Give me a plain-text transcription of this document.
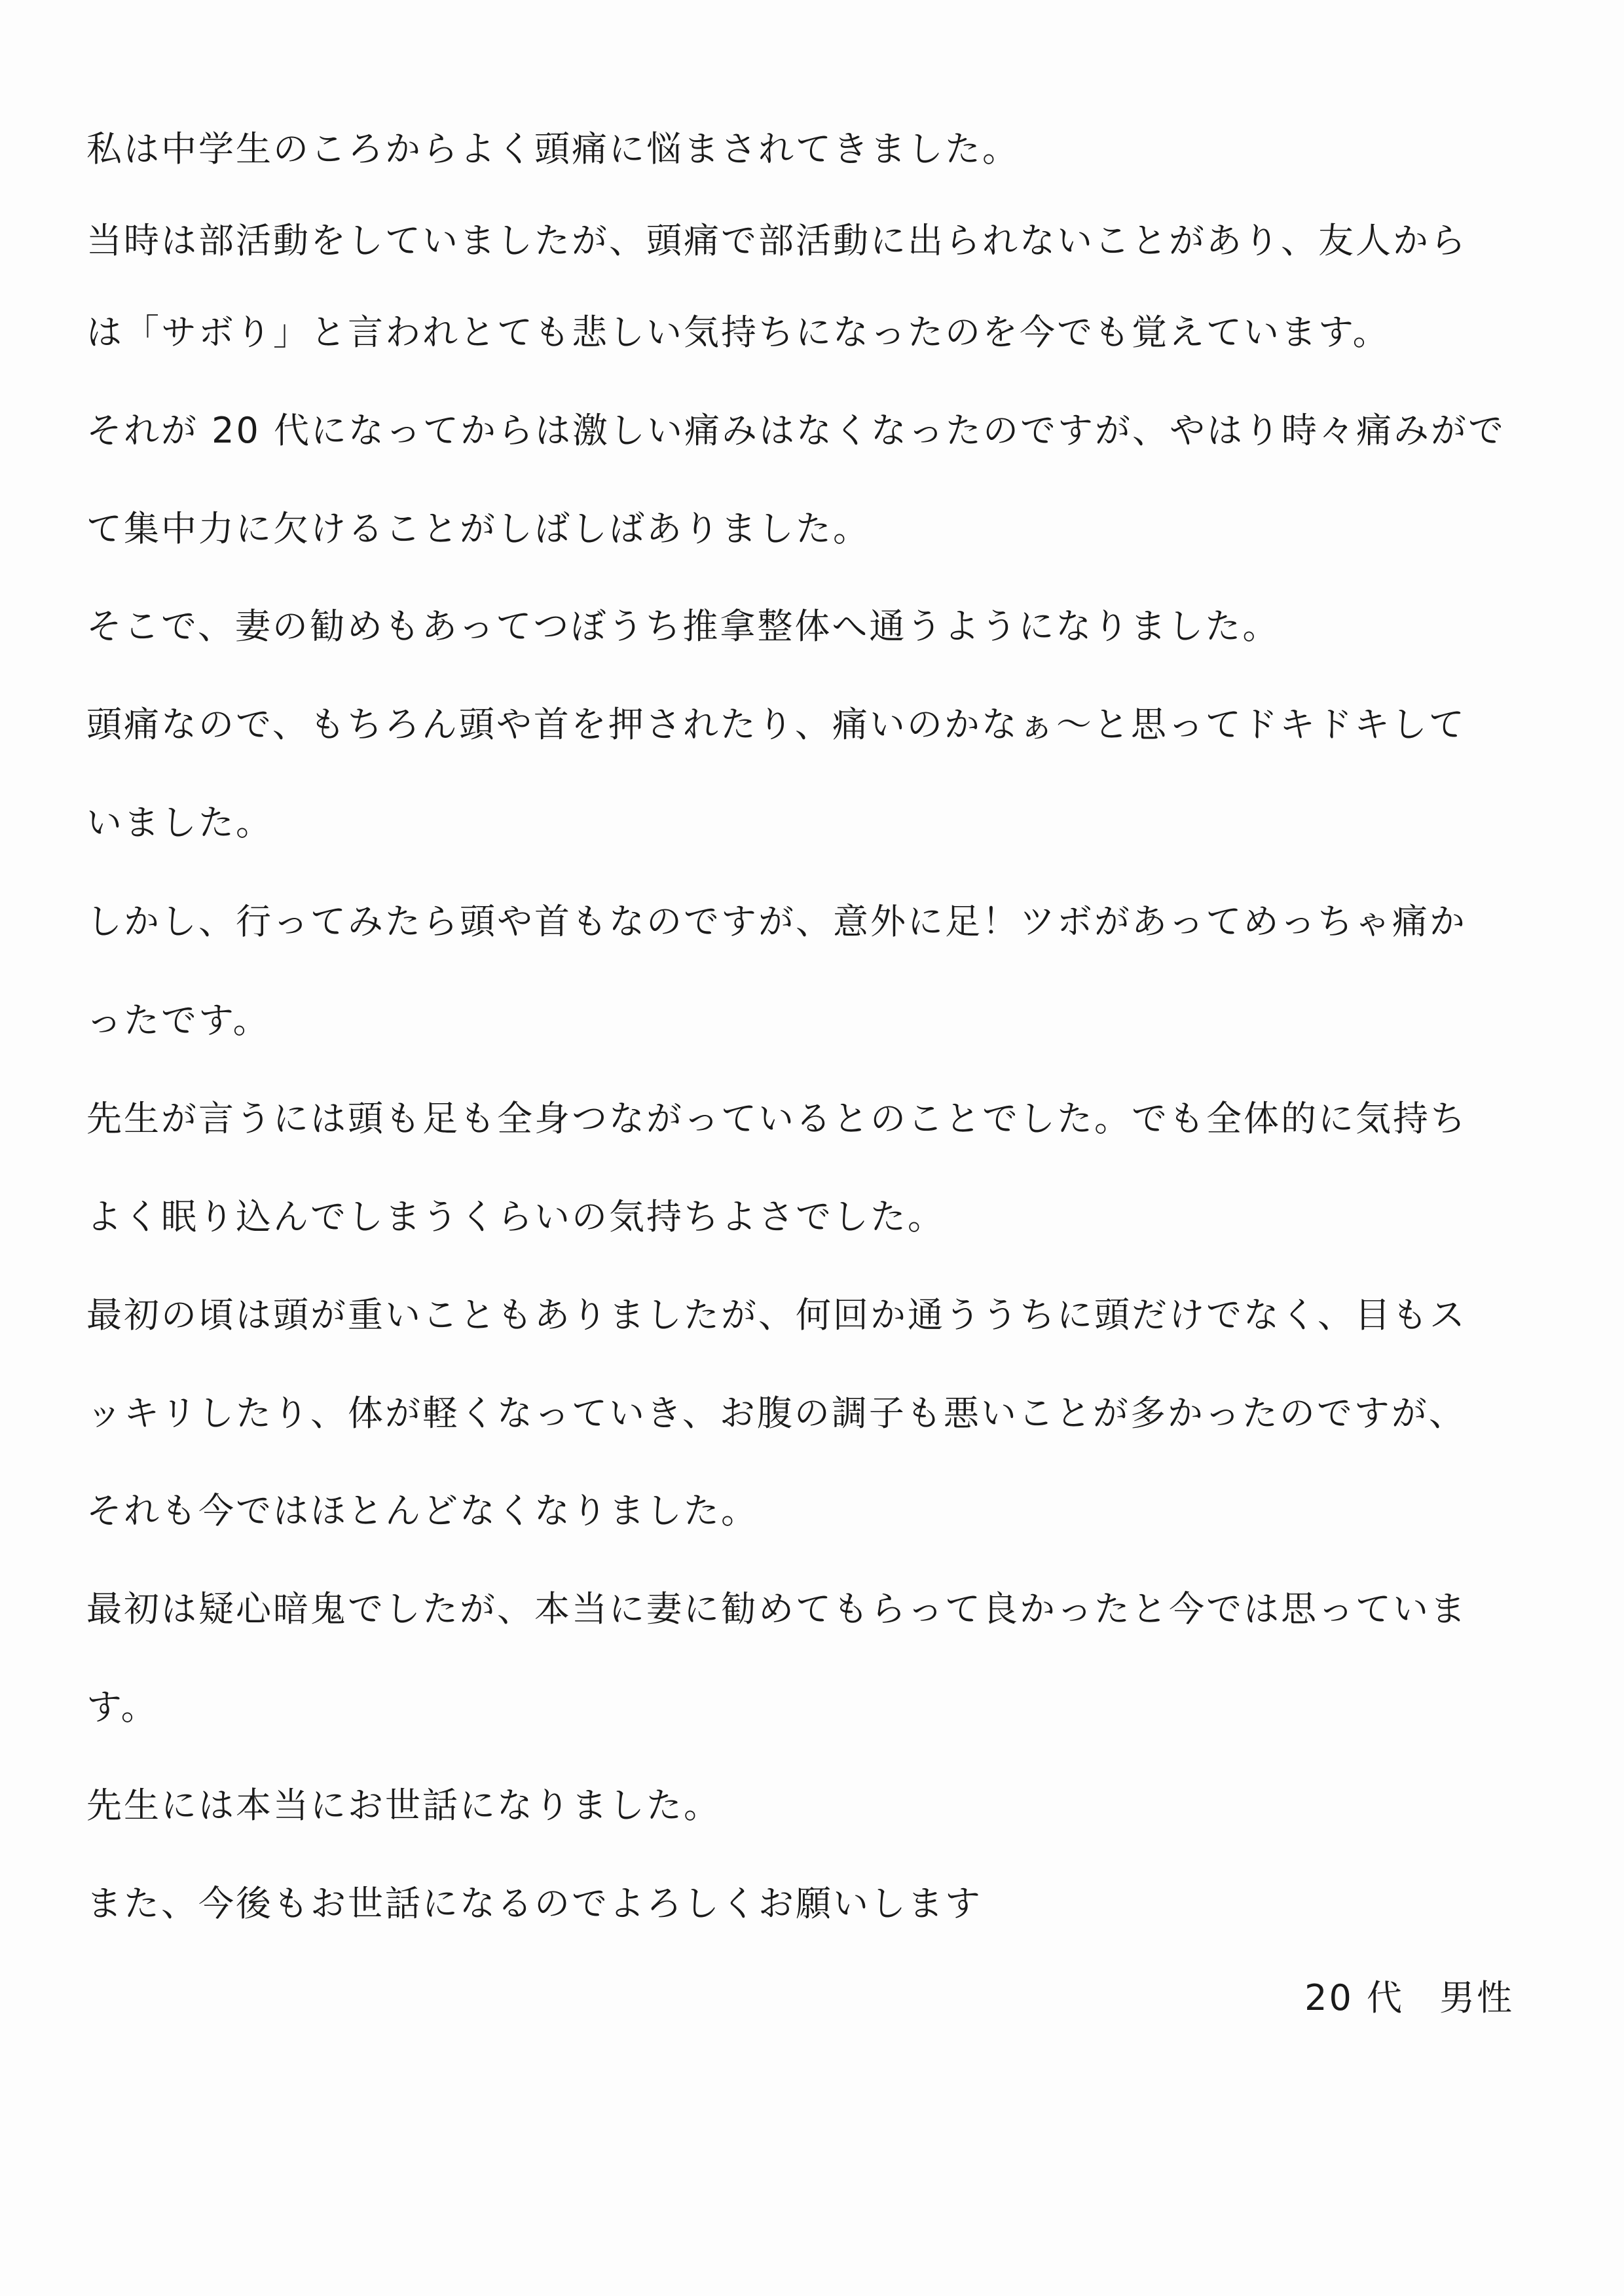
私は中学生のころからよく頭痛に悩まされてきました。
当時は部活動をしていましたが、頭痛で部活動に出られないことがあり、友人から
は「サボり」と言われとても悲しい気持ちになったのを今でも覚えています。
それが 20 代になってからは激しい痛みはなくなったのですが、やはり時々痛みがで
て集中力に欠けることがしばしばありました。
そこで、妻の勧めもあってつぼうち推拿整体へ通うようになりました。
頭痛なので、もちろん頭や首を押されたり、痛いのかなぁ～と思ってドキドキして
いました。
しかし、行ってみたら頭や首もなのですが、意外に足！ツボがあってめっちゃ痛か
ったです。
先生が言うには頭も足も全身つながっているとのことでした。でも全体的に気持ち
よく眠り込んでしまうくらいの気持ちよさでした。
最初の頃は頭が重いこともありましたが、何回か通ううちに頭だけでなく、目もス
ッキリしたり、体が軽くなっていき、お腹の調子も悪いことが多かったのですが、
それも今ではほとんどなくなりました。
最初は疑心暗鬼でしたが、本当に妻に勧めてもらって良かったと今では思っていま
す。
先生には本当にお世話になりました。
また、今後もお世話になるのでよろしくお願いします
20 代 男性
